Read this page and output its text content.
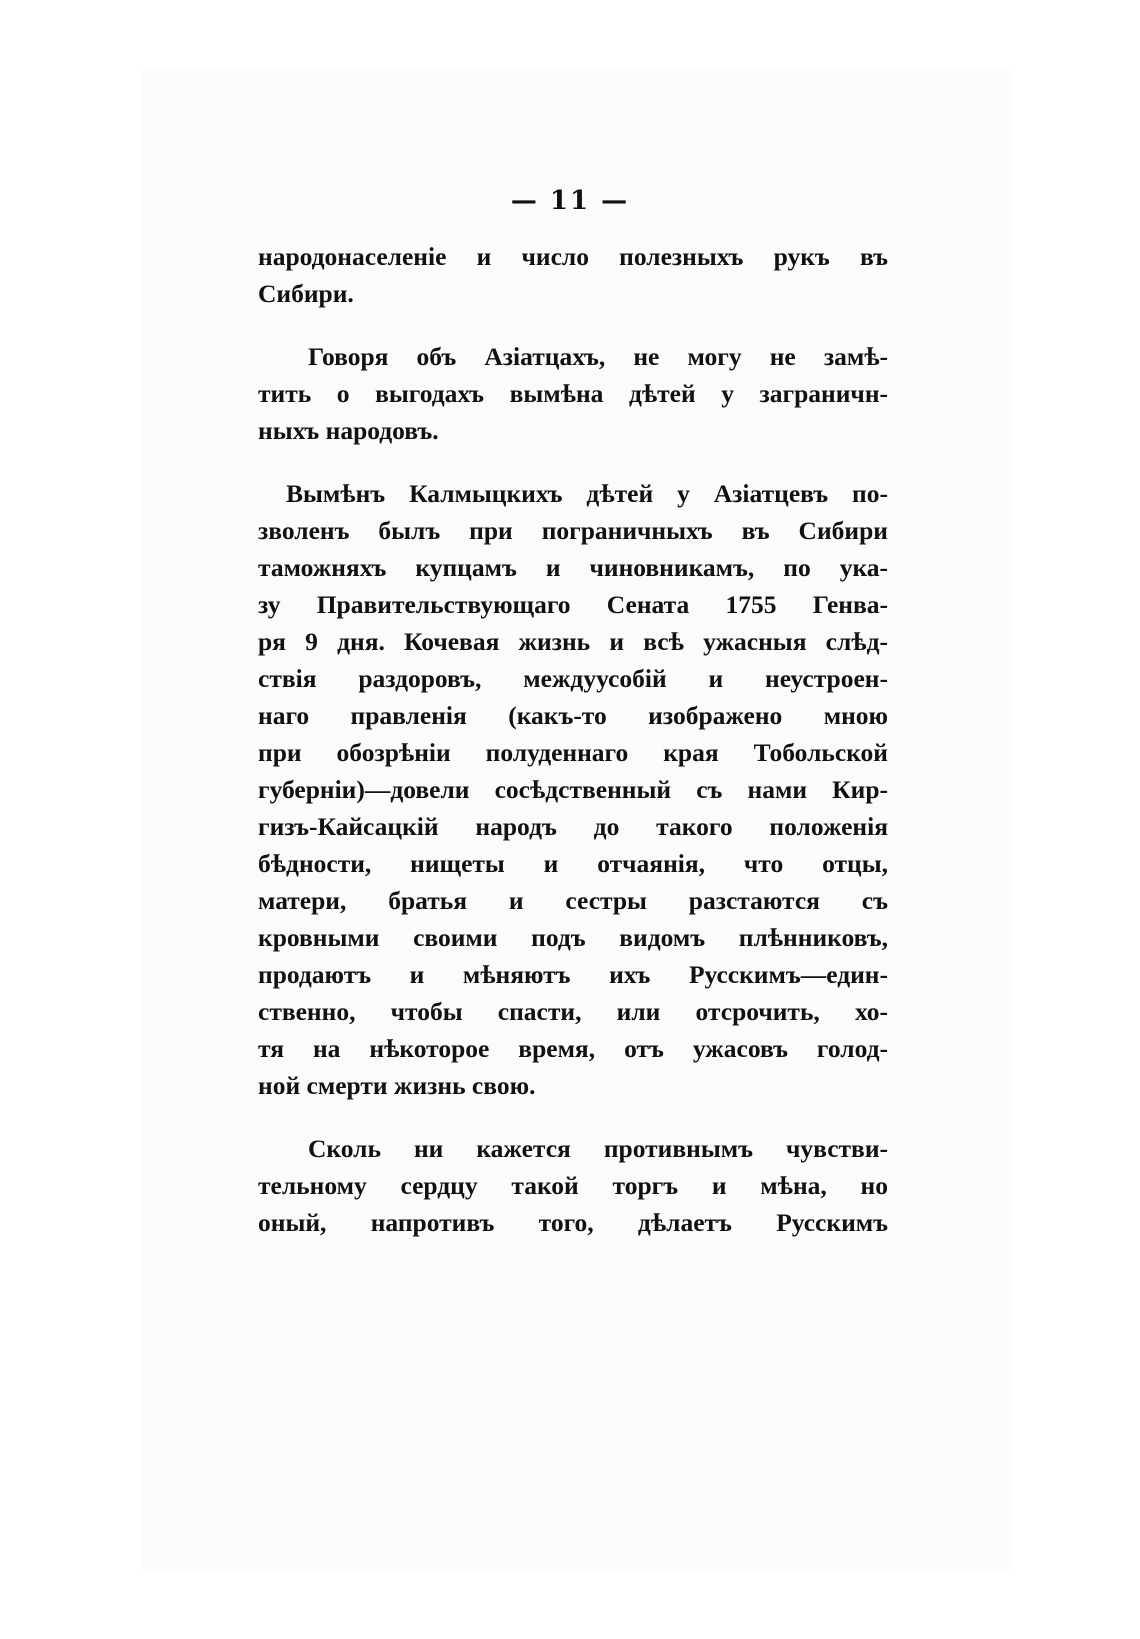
— 11 —
народонаселеніе и число полезныхъ рукъ въ
Сибири.
Говоря объ Азіатцахъ, не могу не замѣ-
тить о выгодахъ вымѣна дѣтей у заграничн-
ныхъ народовъ.
Вымѣнъ Калмыцкихъ дѣтей у Азіатцевъ по-
зволенъ былъ при пограничныхъ въ Сибири
таможняхъ купцамъ и чиновникамъ, по ука-
зу Правительствующаго Сената 1755 Генва-
ря 9 дня. Кочевая жизнь и всѣ ужасныя слѣд-
ствія раздоровъ, междуусобій и неустроен-
наго правленія (какъ-то изображено мною
при обозрѣніи полуденнаго края Тобольской
губерніи)—довели сосѣдственный съ нами Кир-
гизъ-Кайсацкій народъ до такого положенія
бѣдности, нищеты и отчаянія, что отцы,
матери, братья и сестры разстаются съ
кровными своими подъ видомъ плѣнниковъ,
продаютъ и мѣняютъ ихъ Русскимъ—един-
ственно, чтобы спасти, или отсрочить, хо-
тя на нѣкоторое время, отъ ужасовъ голод-
ной смерти жизнь свою.
Сколь ни кажется противнымъ чувстви-
тельному сердцу такой торгъ и мѣна, но
оный, напротивъ того, дѣлаетъ Русскимъ
